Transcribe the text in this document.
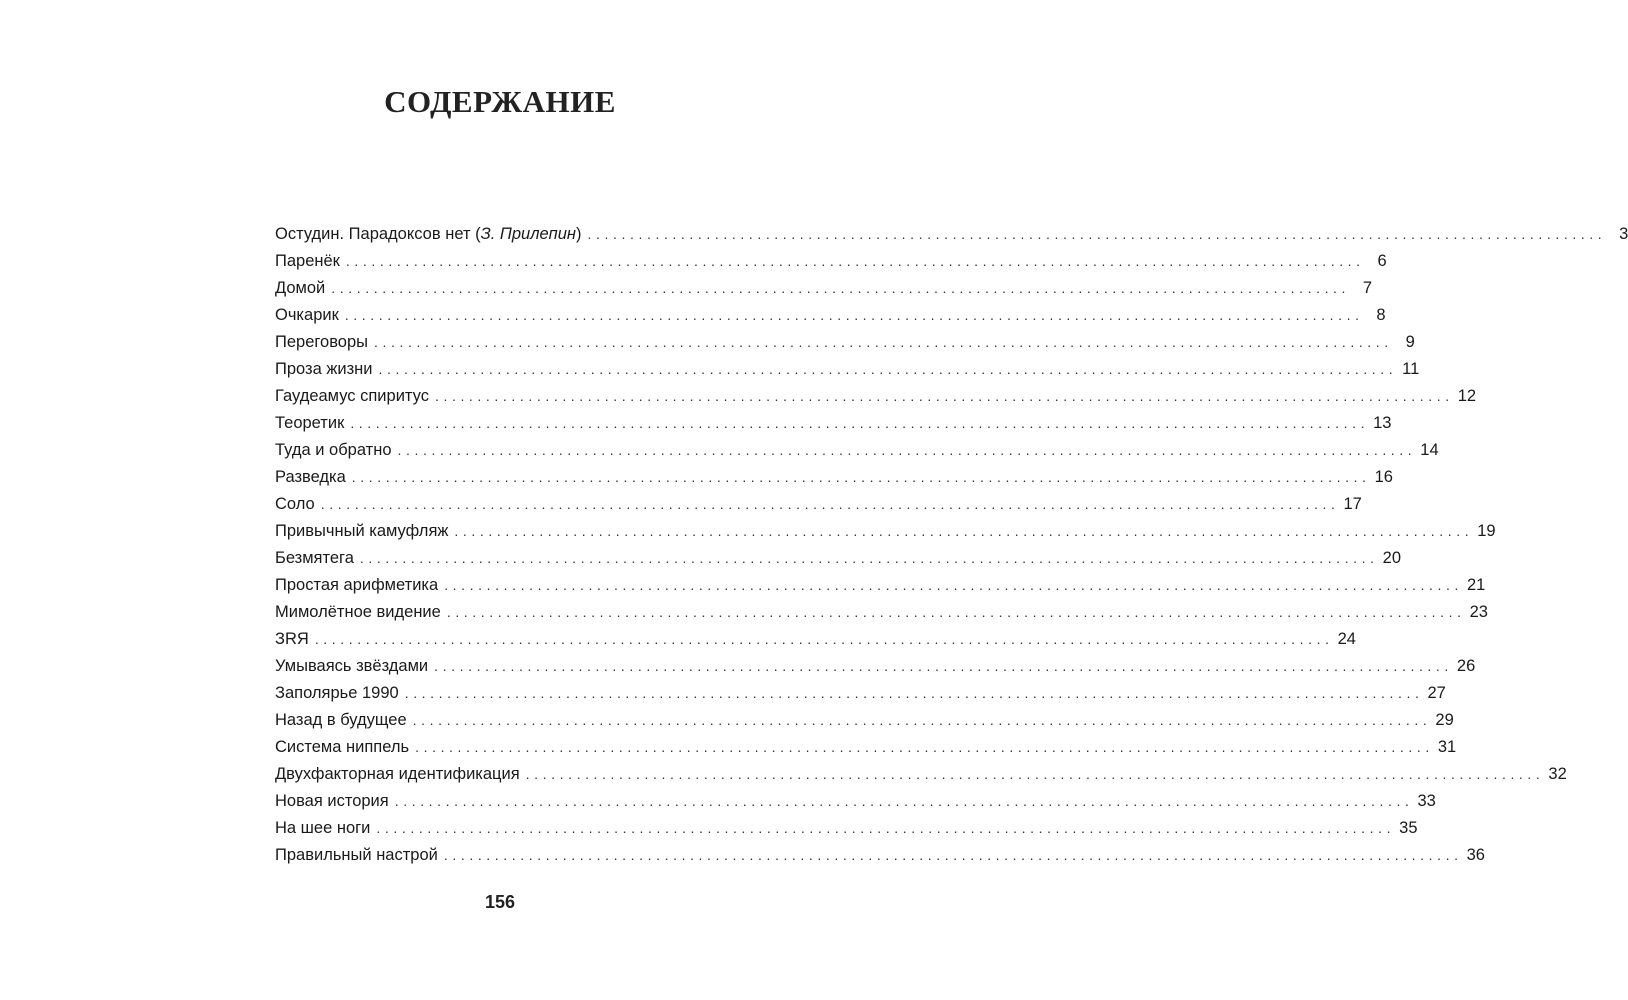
СОДЕРЖАНИЕ
Остудин. Парадоксов нет (З. Прилепин) ........................................................................................................................ 3
Паренёк ........................................................................................................................ 6
Домой ........................................................................................................................ 7
Очкарик ........................................................................................................................ 8
Переговоры ........................................................................................................................ 9
Проза жизни ........................................................................................................................ 11
Гаудеамус спиритус ........................................................................................................................ 12
Теоретик ........................................................................................................................ 13
Туда и обратно ........................................................................................................................ 14
Разведка ........................................................................................................................ 16
Соло ........................................................................................................................ 17
Привычный камуфляж ........................................................................................................................ 19
Безмятега ........................................................................................................................ 20
Простая арифметика ........................................................................................................................ 21
Мимолётное видение ........................................................................................................................ 23
ЗRЯ ........................................................................................................................ 24
Умываясь звёздами ........................................................................................................................ 26
Заполярье 1990 ........................................................................................................................ 27
Назад в будущее ........................................................................................................................ 29
Система ниппель ........................................................................................................................ 31
Двухфакторная идентификация ........................................................................................................................ 32
Новая история ........................................................................................................................ 33
На шее ноги ........................................................................................................................ 35
Правильный настрой ........................................................................................................................ 36
156
